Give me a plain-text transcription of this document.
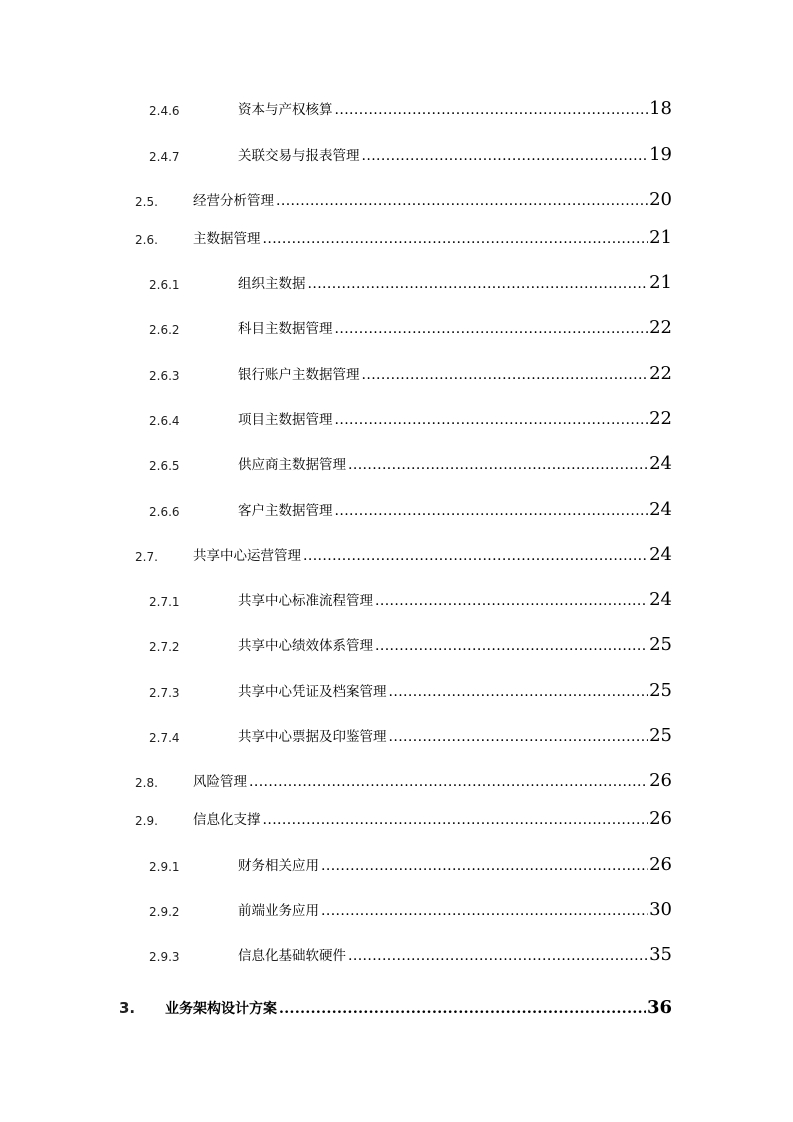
2.4.6	资本与产权核算 .....	18
2.4.7	关联交易与报表管理 .....	19
2.5.	经营分析管理 .....	20
2.6.	主数据管理 .....	21
2.6.1	组织主数据 .....	21
2.6.2	科目主数据管理 .....	22
2.6.3	银行账户主数据管理 .....	22
2.6.4	项目主数据管理 .....	22
2.6.5	供应商主数据管理 .....	24
2.6.6	客户主数据管理 .....	24
2.7.	共享中心运营管理 .....	24
2.7.1	共享中心标准流程管理 .....	24
2.7.2	共享中心绩效体系管理 .....	25
2.7.3	共享中心凭证及档案管理 .....	25
2.7.4	共享中心票据及印鉴管理 .....	25
2.8.	风险管理 .....	26
2.9.	信息化支撑 .....	26
2.9.1	财务相关应用 .....	26
2.9.2	前端业务应用 .....	30
2.9.3	信息化基础软硬件 .....	35
3. 业务架构设计方案 .....	36
